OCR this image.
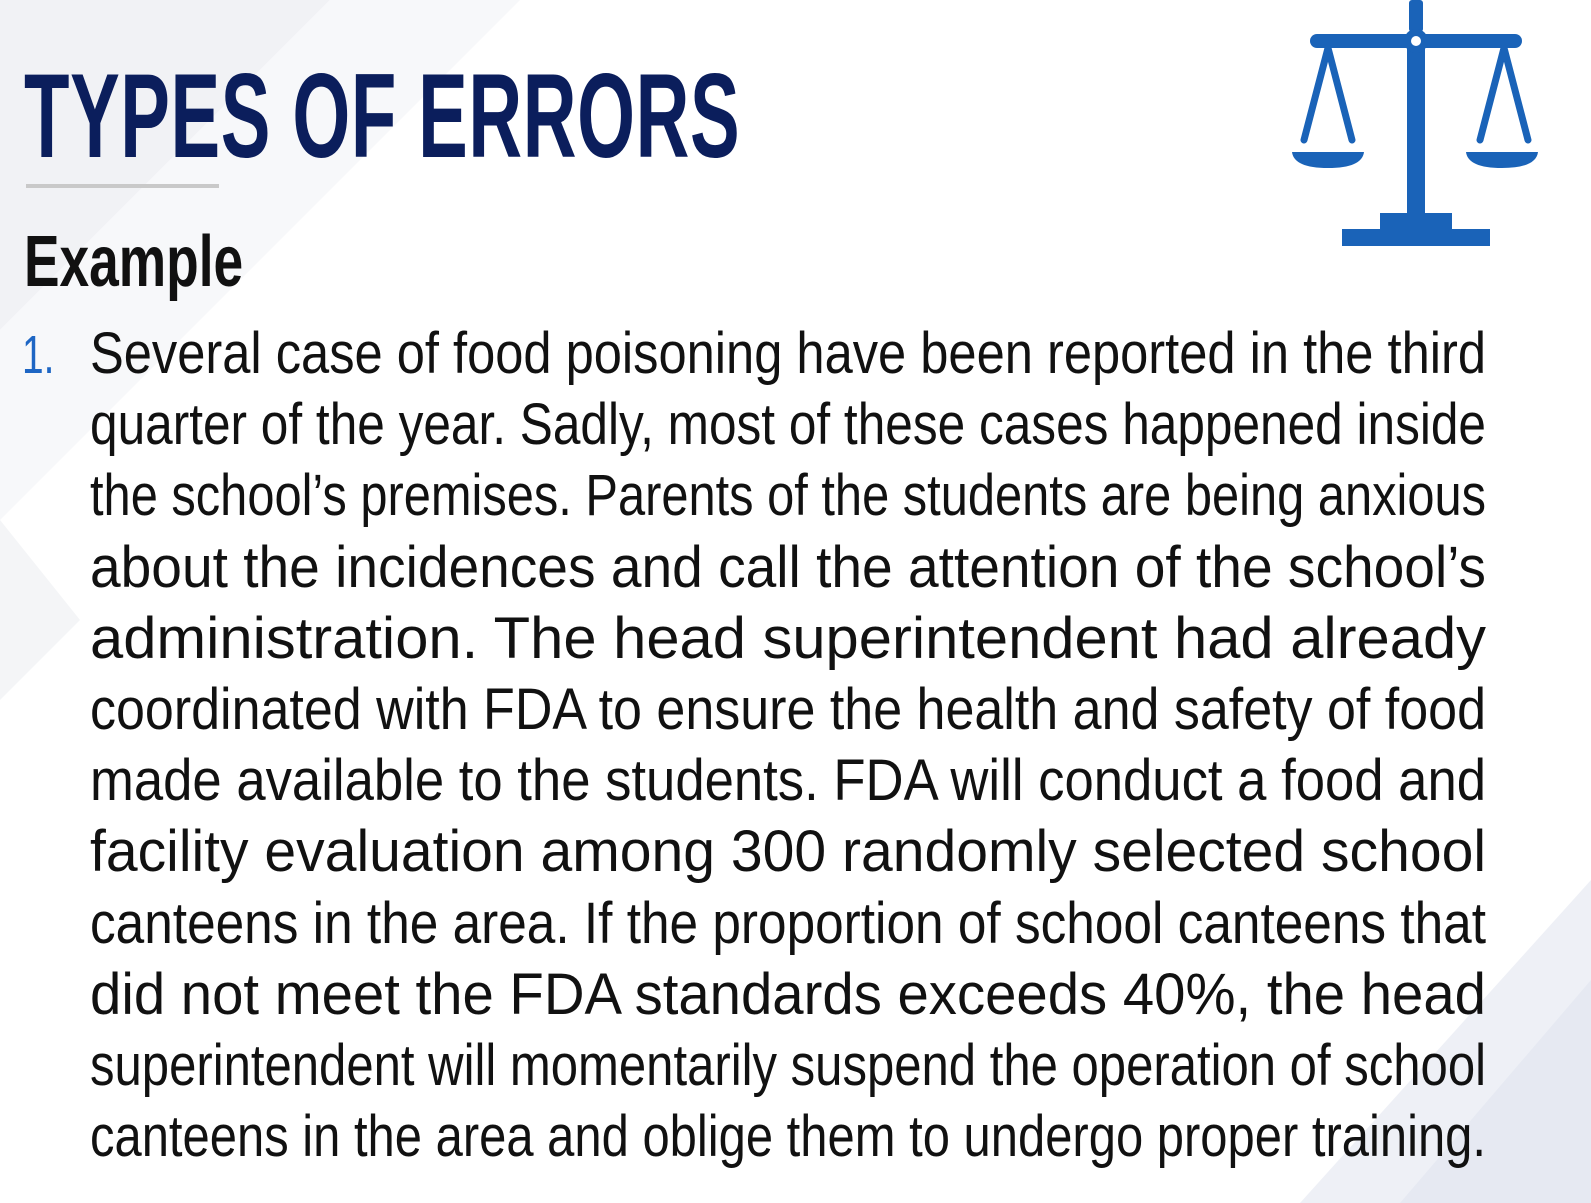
TYPES OF ERRORS
Example
1. Several case of food poisoning have been reported in the third
quarter of the year. Sadly, most of these cases happened inside
the school’s premises. Parents of the students are being anxious
about the incidences and call the attention of the school’s
administration. The head superintendent had already
coordinated with FDA to ensure the health and safety of food
made available to the students. FDA will conduct a food and
facility evaluation among 300 randomly selected school
canteens in the area. If the proportion of school canteens that
did not meet the FDA standards exceeds 40%, the head
superintendent will momentarily suspend the operation of school
canteens in the area and oblige them to undergo proper training.
